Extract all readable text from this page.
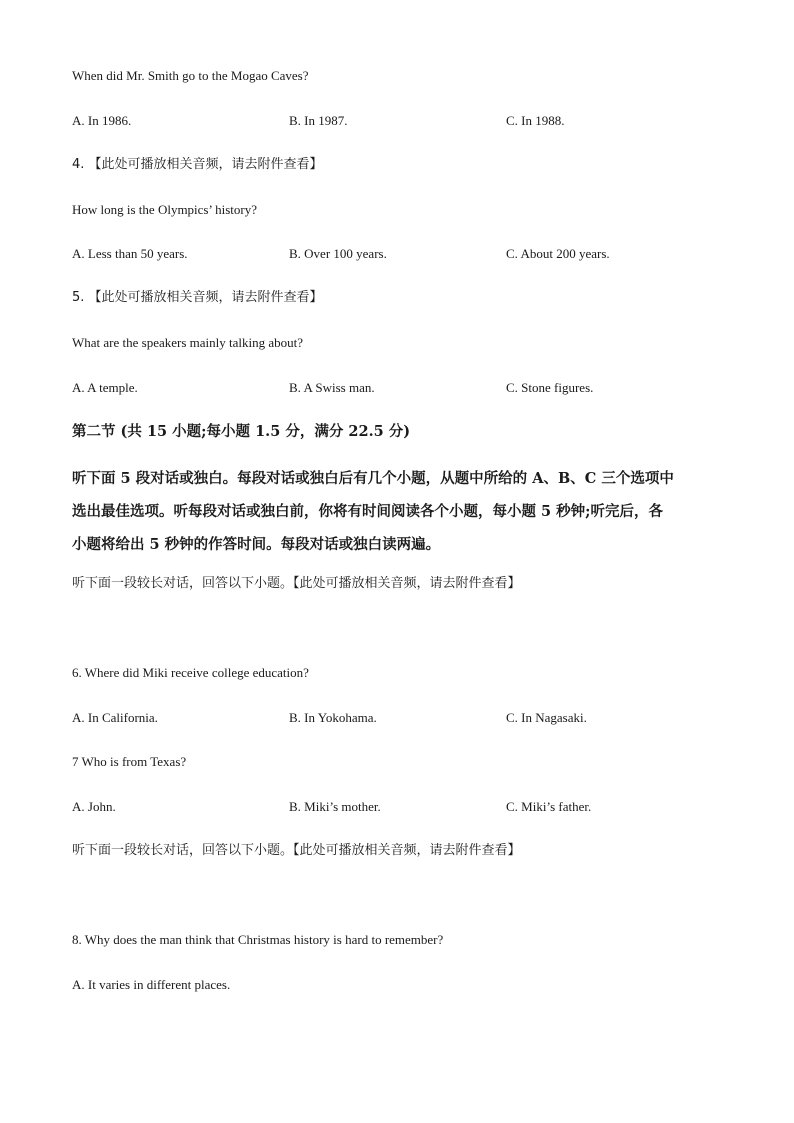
When did Mr. Smith go to the Mogao Caves?
A. In 1986.	B. In 1987.	C. In 1988.
4. 【此处可播放相关音频，请去附件查看】
How long is the Olympics’ history?
A. Less than 50 years.	B. Over 100 years.	C. About 200 years.
5. 【此处可播放相关音频，请去附件查看】
What are the speakers mainly talking about?
A. A temple.	B. A Swiss man.	C. Stone figures.
第二节 (共 15 小题;每小题 1.5 分，满分 22.5 分)
听下面 5 段对话或独白。每段对话或独白后有几个小题，从题中所给的 A、B、C 三个选项中
选出最佳选项。听每段对话或独白前，你将有时间阅读各个小题，每小题 5 秒钟;听完后，各
小题将给出 5 秒钟的作答时间。每段对话或独白读两遍。
听下面一段较长对话，回答以下小题。【此处可播放相关音频，请去附件查看】
6. Where did Miki receive college education?
A. In California.	B. In Yokohama.	C. In Nagasaki.
7 Who is from Texas?
A. John.	B. Miki’s mother.	C. Miki’s father.
听下面一段较长对话，回答以下小题。【此处可播放相关音频，请去附件查看】
8. Why does the man think that Christmas history is hard to remember?
A. It varies in different places.
